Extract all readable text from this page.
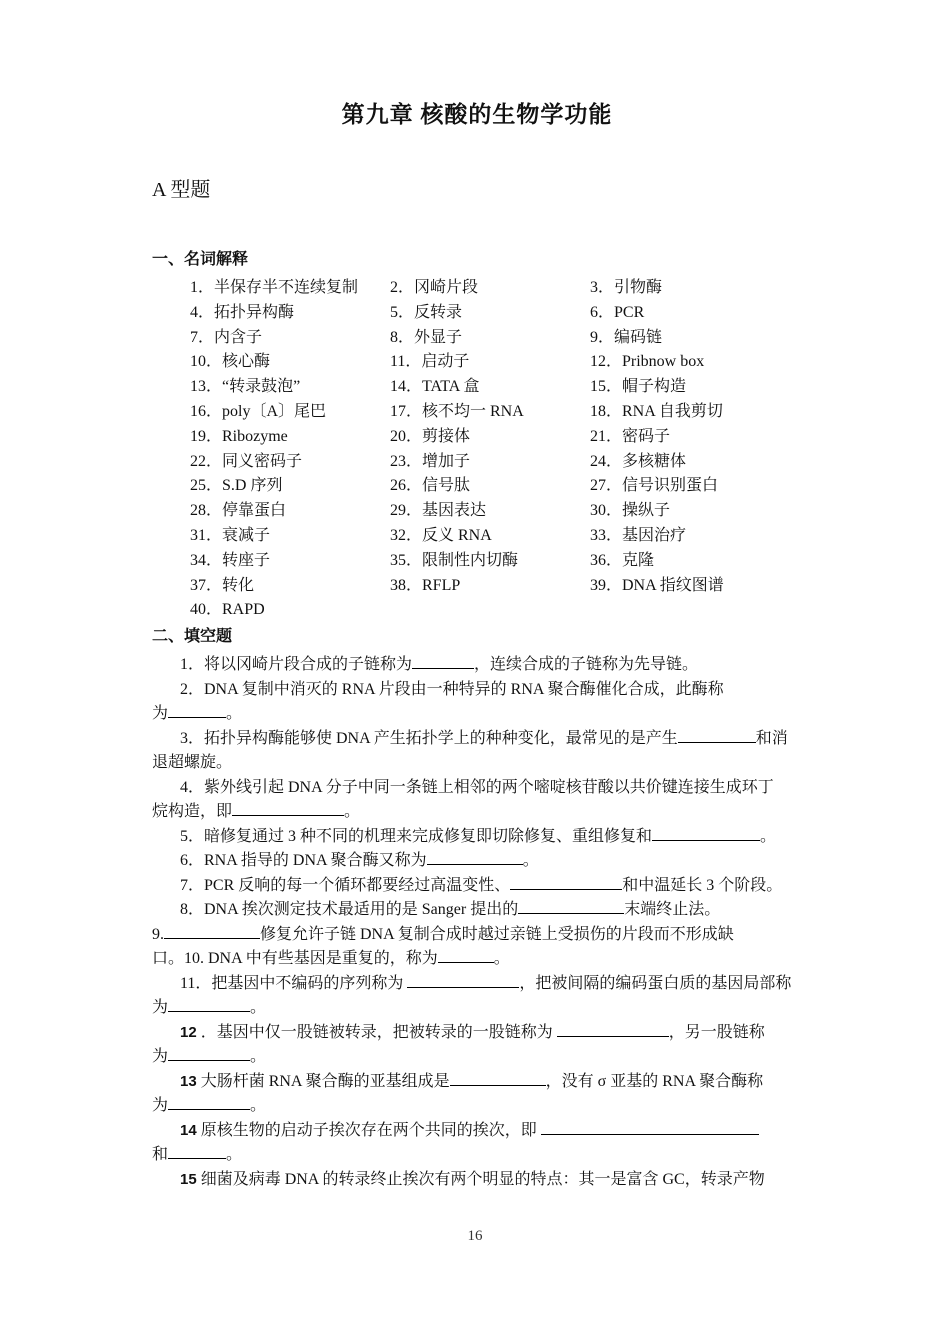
第九章 核酸的生物学功能
A 型题
一、名词解释
1．半保存半不连续复制	2．冈崎片段	3．引物酶
4．拓扑异构酶	5．反转录	6．PCR
7．内含子	8．外显子	9．编码链
10．核心酶	11．启动子	12．Pribnow box
13．“转录鼓泡”	14．TATA 盒	15．帽子构造
16．poly〔A〕尾巴	17．核不均一 RNA	18．RNA 自我剪切
19．Ribozyme	20．剪接体	21．密码子
22．同义密码子	23．增加子	24．多核糖体
25．S.D 序列	26．信号肽	27．信号识别蛋白
28．停靠蛋白	29．基因表达	30．操纵子
31．衰减子	32．反义 RNA	33．基因治疗
34．转座子	35．限制性内切酶	36．克隆
37．转化	38．RFLP	39．DNA 指纹图谱
40．RAPD
二、填空题

1．将以冈崎片段合成的子链称为	，连续合成的子链称为先导链。

2．DNA 复制中消灭的 RNA 片段由一种特异的 RNA 聚合酶催化合成，此酶称
为	。

3．拓扑异构酶能够使 DNA 产生拓扑学上的种种变化，最常见的是产生	和消
退超螺旋。

4．紫外线引起 DNA 分子中同一条链上相邻的两个嘧啶核苷酸以共价键连接生成环丁
烷构造，即	。

5．暗修复通过 3 种不同的机理来完成修复即切除修复、重组修复和	。

6．RNA 指导的 DNA 聚合酶又称为	。

7．PCR 反响的每一个循环都要经过高温变性、	和中温延长 3 个阶段。

8．DNA 挨次测定技术最适用的是 Sanger 提出的	末端终止法。

9.	修复允许子链 DNA 复制合成时越过亲链上受损伤的片段而不形成缺
口。10. DNA 中有些基因是重复的，称为	。

11．把基因中不编码的序列称为	，把被间隔的编码蛋白质的基因局部称
为	。

12 ．基因中仅一股链被转录，把被转录的一股链称为	，另一股链称
为	。

13 大肠杆菌 RNA 聚合酶的亚基组成是	，没有 σ 亚基的 RNA 聚合酶称
为	。

14 原核生物的启动子挨次存在两个共同的挨次，即
和	。

15 细菌及病毒 DNA 的转录终止挨次有两个明显的特点：其一是富含 GC，转录产物

16
